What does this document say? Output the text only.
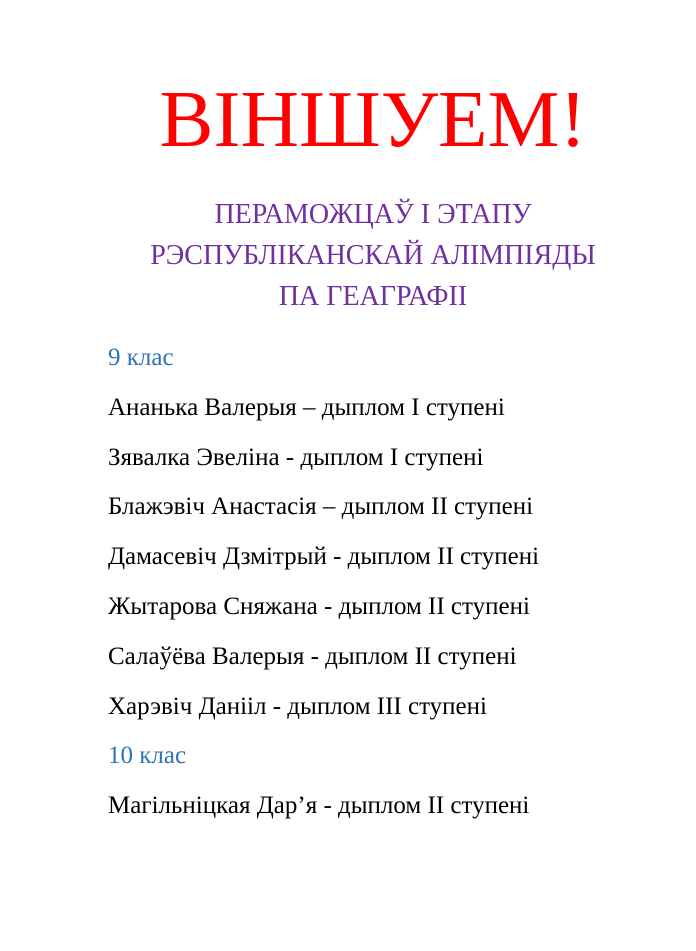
ВІНШУЕМ!
ПЕРАМОЖЦАЎ І ЭТАПУ
РЭСПУБЛІКАНСКАЙ АЛІМПІЯДЫ
ПА ГЕАГРАФІІ
9 клас
Ананька Валерыя – дыплом І ступені
Зявалка Эвеліна - дыплом І ступені
Блажэвіч Анастасія – дыплом ІІ ступені
Дамасевіч Дзмітрый - дыплом ІІ ступені
Жытарова Сняжана - дыплом ІІ ступені
Салаўёва Валерыя - дыплом ІІ ступені
Харэвіч Данііл - дыплом ІІІ ступені
10 клас
Магільніцкая Дар’я - дыплом ІІ ступені
